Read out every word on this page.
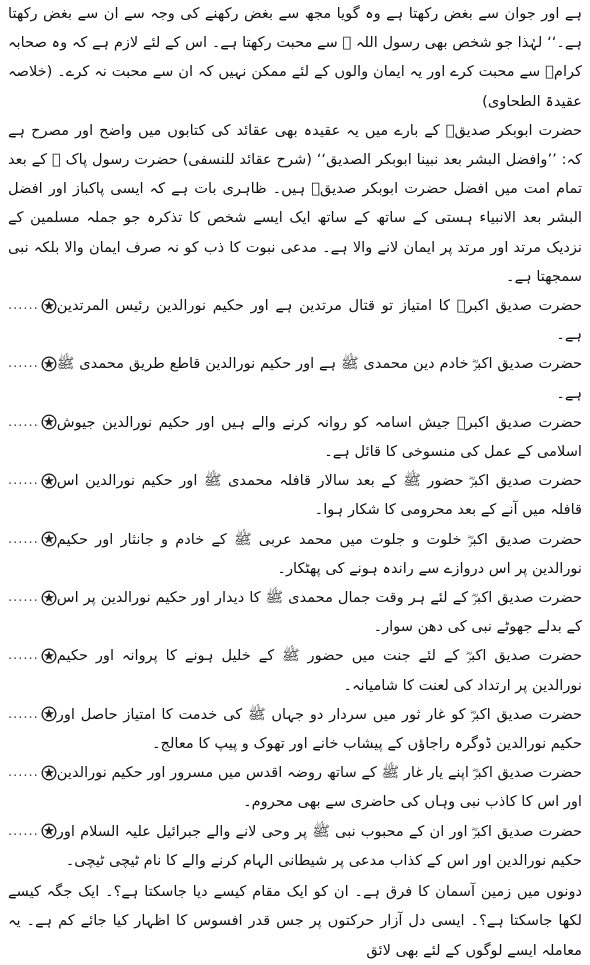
ہے اور جوان سے بغض رکھتا ہے وہ گویا مجھ سے بغض رکھنے کی وجہ سے ان سے بغض رکھتا ہے۔‘‘ لہٰذا جو شخص بھی رسول اللہ ﷺ سے محبت رکھتا ہے۔ اس کے لئے لازم ہے کہ وہ صحابہ کرامؓ سے محبت کرے اور یہ ایمان والوں کے لئے ممکن نہیں کہ ان سے محبت نہ کرے۔ (خلاصہ عقیدۃ الطحاوی)

حضرت ابوبکر صدیقؓ کے بارے میں یہ عقیدہ بھی عقائد کی کتابوں میں واضح اور مصرح ہے کہ: ’’وافضل البشر بعد نبینا ابوبکر الصدیق‘‘ (شرح عقائد للنسفی) حضرت رسول پاک ﷺ کے بعد تمام امت میں افضل حضرت ابوبکر صدیقؓ ہیں۔ ظاہری بات ہے کہ ایسی پاکباز اور افضل البشر بعد الانبیاء ہستی کے ساتھ کے ساتھ ایک ایسے شخص کا تذکرہ جو جملہ مسلمین کے نزدیک مرتد اور مرتد پر ایمان لانے والا ہے۔ مدعی نبوت کا ذب کو نہ صرف ایمان والا بلکہ نبی سمجھتا ہے۔

حضرت صدیق اکبرؓ کا امتیاز تو قتال مرتدین ہے اور حکیم نورالدین رئیس المرتدین ہے۔
......
حضرت صدیق اکبرؓ خادم دین محمدی ﷺ ہے اور حکیم نورالدین قاطع طریق محمدی ﷺ ہے۔
......
حضرت صدیق اکبرؓ جیش اسامہ کو روانہ کرنے والے ہیں اور حکیم نورالدین جیوش اسلامی کے عمل کی منسوخی کا قائل ہے۔
......
حضرت صدیق اکبرؓ حضور ﷺ کے بعد سالار قافلہ محمدی ﷺ اور حکیم نورالدین اس قافلہ میں آنے کے بعد محرومی کا شکار ہوا۔
......
حضرت صدیق اکبرؓ خلوت و جلوت میں محمد عربی ﷺ کے خادم و جانثار اور حکیم نورالدین پر اس دروازے سے راندہ ہونے کی پھٹکار۔
......
حضرت صدیق اکبرؓ کے لئے ہر وقت جمال محمدی ﷺ کا دیدار اور حکیم نورالدین پر اس کے بدلے جھوٹے نبی کی دھن سوار۔
......
حضرت صدیق اکبرؓ کے لئے جنت میں حضور ﷺ کے خلیل ہونے کا پروانہ اور حکیم نورالدین پر ارتداد کی لعنت کا شامیانہ۔
......
حضرت صدیق اکبرؓ کو غار ثور میں سردار دو جہاں ﷺ کی خدمت کا امتیاز حاصل اور حکیم نورالدین ڈوگرہ راجاؤں کے پیشاب خانے اور تھوک و پیپ کا معالج۔
......
حضرت صدیق اکبرؓ اپنے یار غار ﷺ کے ساتھ روضہ اقدس میں مسرور اور حکیم نورالدین اور اس کا کاذب نبی وہاں کی حاضری سے بھی محروم۔
......
حضرت صدیق اکبرؓ اور ان کے محبوب نبی ﷺ پر وحی لانے والے جبرائیل علیہ السلام اور حکیم نورالدین اور اس کے کذاب مدعی پر شیطانی الہام کرنے والے کا نام ٹیچی ٹیچی۔
......

دونوں میں زمین آسمان کا فرق ہے۔ ان کو ایک مقام کیسے دیا جاسکتا ہے؟۔ ایک جگہ کیسے لکھا جاسکتا ہے؟۔ ایسی دل آزار حرکتوں پر جس قدر افسوس کا اظہار کیا جائے کم ہے۔ یہ معاملہ ایسے لوگوں کے لئے بھی لائق
